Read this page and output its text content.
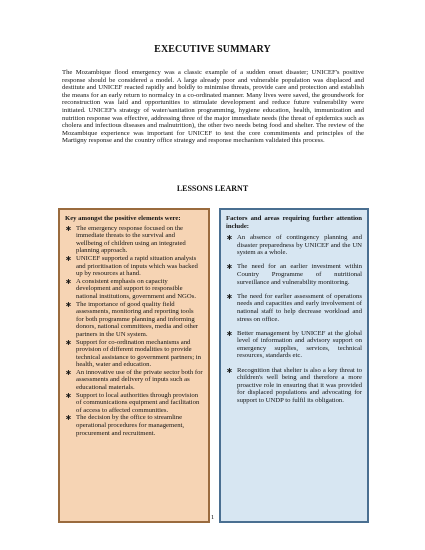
EXECUTIVE SUMMARY

The Mozambique flood emergency was a classic example of a sudden onset disaster; UNICEF's positive response should be considered a model. A large already poor and vulnerable population was displaced and destitute and UNICEF reacted rapidly and boldly to minimise threats, provide care and protection and establish the means for an early return to normalcy in a co-ordinated manner. Many lives were saved, the groundwork for reconstruction was laid and opportunities to stimulate development and reduce future vulnerability were initiated. UNICEF's strategy of water/sanitation programming, hygiene education, health, immunization and nutrition response was effective, addressing three of the major immediate needs (the threat of epidemics such as cholera and infectious diseases and malnutrition), the other two needs being food and shelter. The review of the Mozambique experience was important for UNICEF to test the core commitments and principles of the Martigny response and the country office strategy and response mechanism validated this process.

LESSONS LEARNT
Key amongst the positive elements were:
∗ The emergency response focused on the immediate threats to the survival and wellbeing of children using an integrated planning approach.
∗ UNICEF supported a rapid situation analysis and prioritisation of inputs which was backed up by resources at hand.
∗ A consistent emphasis on capacity development and support to responsible national institutions, government and NGOs.
∗ The importance of good quality field assessments, monitoring and reporting tools for both programme planning and informing donors, national committees, media and other partners in the UN system.
∗ Support for co-ordination mechanisms and provision of different modalities to provide technical assistance to government partners; in health, water and education.
∗ An innovative use of the private sector both for assessments and delivery of inputs such as educational materials.
∗ Support to local authorities through provision of communications equipment and facilitation of access to affected communities.
∗ The decision by the office to streamline operational procedures for management, procurement and recruitment.
Factors and areas requiring further attention include:
∗ An absence of contingency planning and disaster preparedness by UNICEF and the UN system as a whole.
∗ The need for an earlier investment within Country Programme of nutritional surveillance and vulnerability monitoring.
∗ The need for earlier assessment of operations needs and capacities and early involvement of national staff to help decrease workload and stress on office.
∗ Better management by UNICEF at the global level of information and advisory support on emergency supplies, services, technical resources, standards etc.
∗ Recognition that shelter is also a key threat to children's well being and therefore a more proactive role in ensuring that it was provided for displaced populations and advocating for support to UNDP to fulfil its obligation.
1
